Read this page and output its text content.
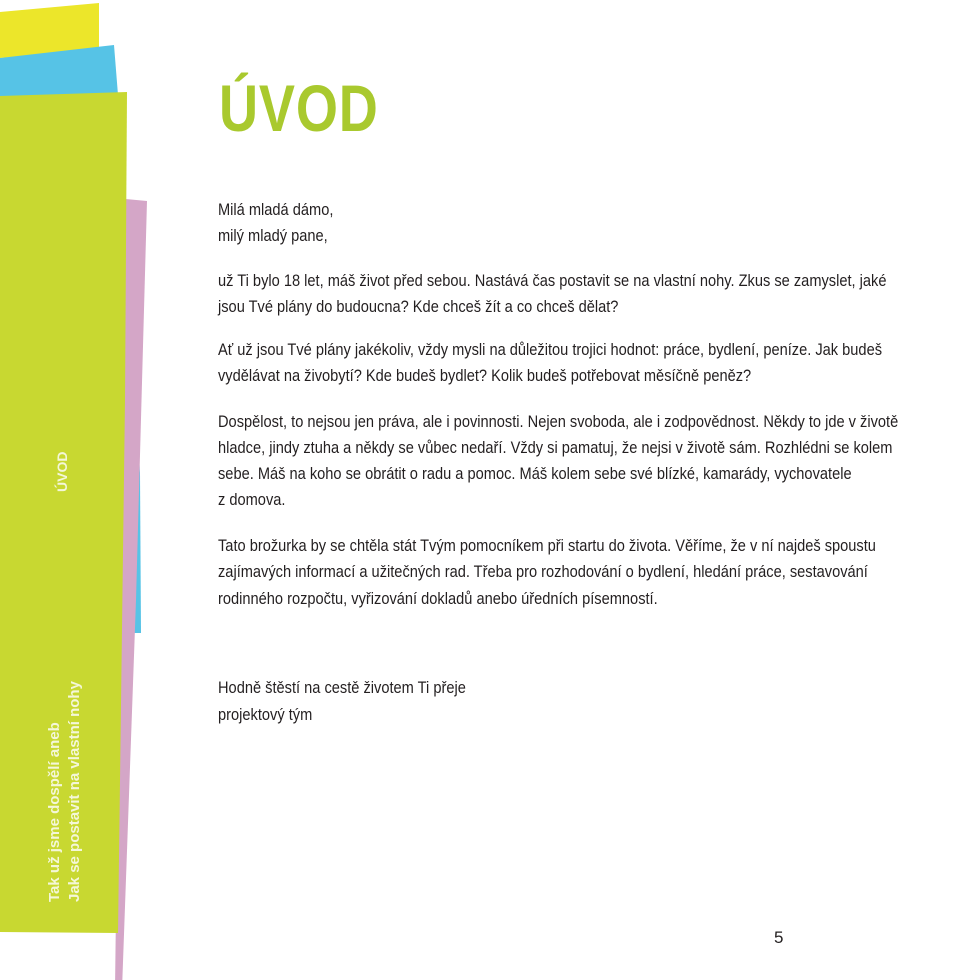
ÚVOD
Tak už jsme dospělí aneb Jak se postavit na vlastní nohy
ÚVOD
Milá mladá dámo,
milý mladý pane,
už Ti bylo 18 let, máš život před sebou. Nastává čas postavit se na vlastní nohy. Zkus se zamyslet, jaké
jsou Tvé plány do budoucna? Kde chceš žít a co chceš dělat?
Ať už jsou Tvé plány jakékoliv, vždy mysli na důležitou trojici hodnot: práce, bydlení, peníze. Jak budeš
vydělávat na živobytí? Kde budeš bydlet? Kolik budeš potřebovat měsíčně peněz?
Dospělost, to nejsou jen práva, ale i povinnosti. Nejen svoboda, ale i zodpovědnost. Někdy to jde v životě
hladce, jindy ztuha a někdy se vůbec nedaří. Vždy si pamatuj, že nejsi v životě sám. Rozhlédni se kolem
sebe. Máš na koho se obrátit o radu a pomoc. Máš kolem sebe své blízké, kamarády, vychovatele
z domova.
Tato brožurka by se chtěla stát Tvým pomocníkem při startu do života. Věříme, že v ní najdeš spoustu
zajímavých informací a užitečných rad. Třeba pro rozhodování o bydlení, hledání práce, sestavování
rodinného rozpočtu, vyřizování dokladů anebo úředních písemností.
Hodně štěstí na cestě životem Ti přeje
projektový tým
5
